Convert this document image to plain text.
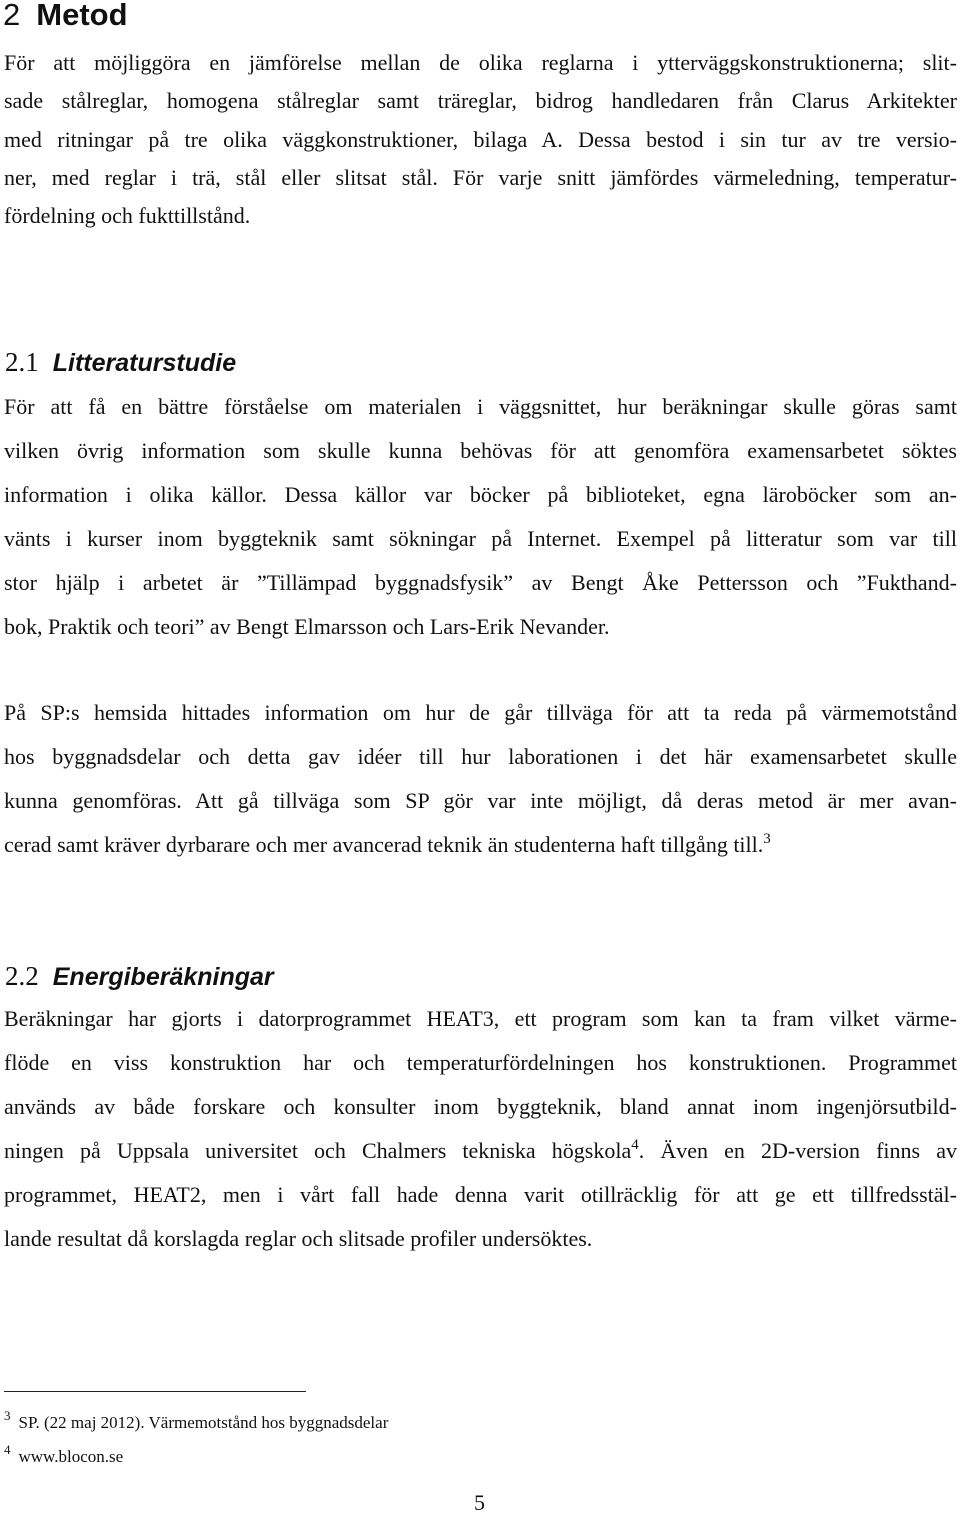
2 Metod
För att möjliggöra en jämförelse mellan de olika reglarna i ytterväggskonstruktionerna; slit-
sade stålreglar, homogena stålreglar samt träreglar, bidrog handledaren från Clarus Arkitekter
med ritningar på tre olika väggkonstruktioner, bilaga A. Dessa bestod i sin tur av tre versio-
ner, med reglar i trä, stål eller slitsat stål. För varje snitt jämfördes värmeledning, temperatur-
fördelning och fukttillstånd.
2.1 Litteraturstudie
För att få en bättre förståelse om materialen i väggsnittet, hur beräkningar skulle göras samt
vilken övrig information som skulle kunna behövas för att genomföra examensarbetet söktes
information i olika källor. Dessa källor var böcker på biblioteket, egna läroböcker som an-
vänts i kurser inom byggteknik samt sökningar på Internet. Exempel på litteratur som var till
stor hjälp i arbetet är ”Tillämpad byggnadsfysik” av Bengt Åke Pettersson och ”Fukthand-
bok, Praktik och teori” av Bengt Elmarsson och Lars-Erik Nevander.
På SP:s hemsida hittades information om hur de går tillväga för att ta reda på värmemotstånd
hos byggnadsdelar och detta gav idéer till hur laborationen i det här examensarbetet skulle
kunna genomföras. Att gå tillväga som SP gör var inte möjligt, då deras metod är mer avan-
cerad samt kräver dyrbarare och mer avancerad teknik än studenterna haft tillgång till.$^3$
2.2 Energiberäkningar
Beräkningar har gjorts i datorprogrammet HEAT3, ett program som kan ta fram vilket värme-
flöde en viss konstruktion har och temperaturfördelningen hos konstruktionen. Programmet
används av både forskare och konsulter inom byggteknik, bland annat inom ingenjörsutbild-
ningen på Uppsala universitet och Chalmers tekniska högskola$^4$. Även en 2D-version finns av
programmet, HEAT2, men i vårt fall hade denna varit otillräcklig för att ge ett tillfredsstäl-
lande resultat då korslagda reglar och slitsade profiler undersöktes.
$^3$ SP. (22 maj 2012). Värmemotstånd hos byggnadsdelar
$^4$ www.blocon.se
5
